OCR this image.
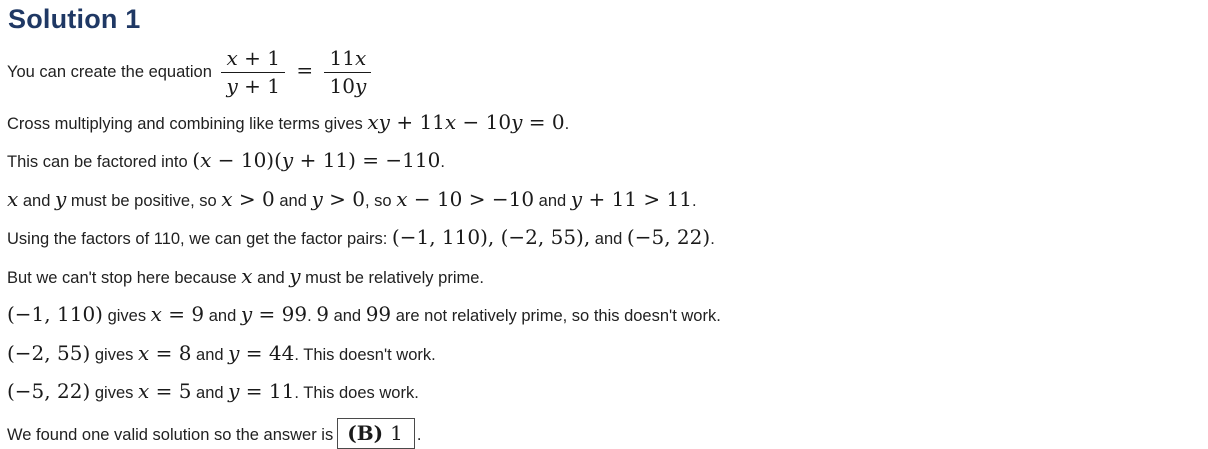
Solution 1

You can create the equation $\frac{x + 1}{y + 1} = \frac{11x}{10y}$

Cross multiplying and combining like terms gives xy + 11x − 10y = 0.

This can be factored into (x − 10)(y + 11) = −110.

x and y must be positive, so x > 0 and y > 0, so x − 10 > −10 and y + 11 > 11.

Using the factors of 110, we can get the factor pairs: (−1, 110), (−2, 55), and (−5, 22).

But we can't stop here because x and y must be relatively prime.

(−1, 110) gives x = 9 and y = 99. 9 and 99 are not relatively prime, so this doesn't work.

(−2, 55) gives x = 8 and y = 44. This doesn't work.

(−5, 22) gives x = 5 and y = 11. This does work.

We found one valid solution so the answer is (B) 1 .
